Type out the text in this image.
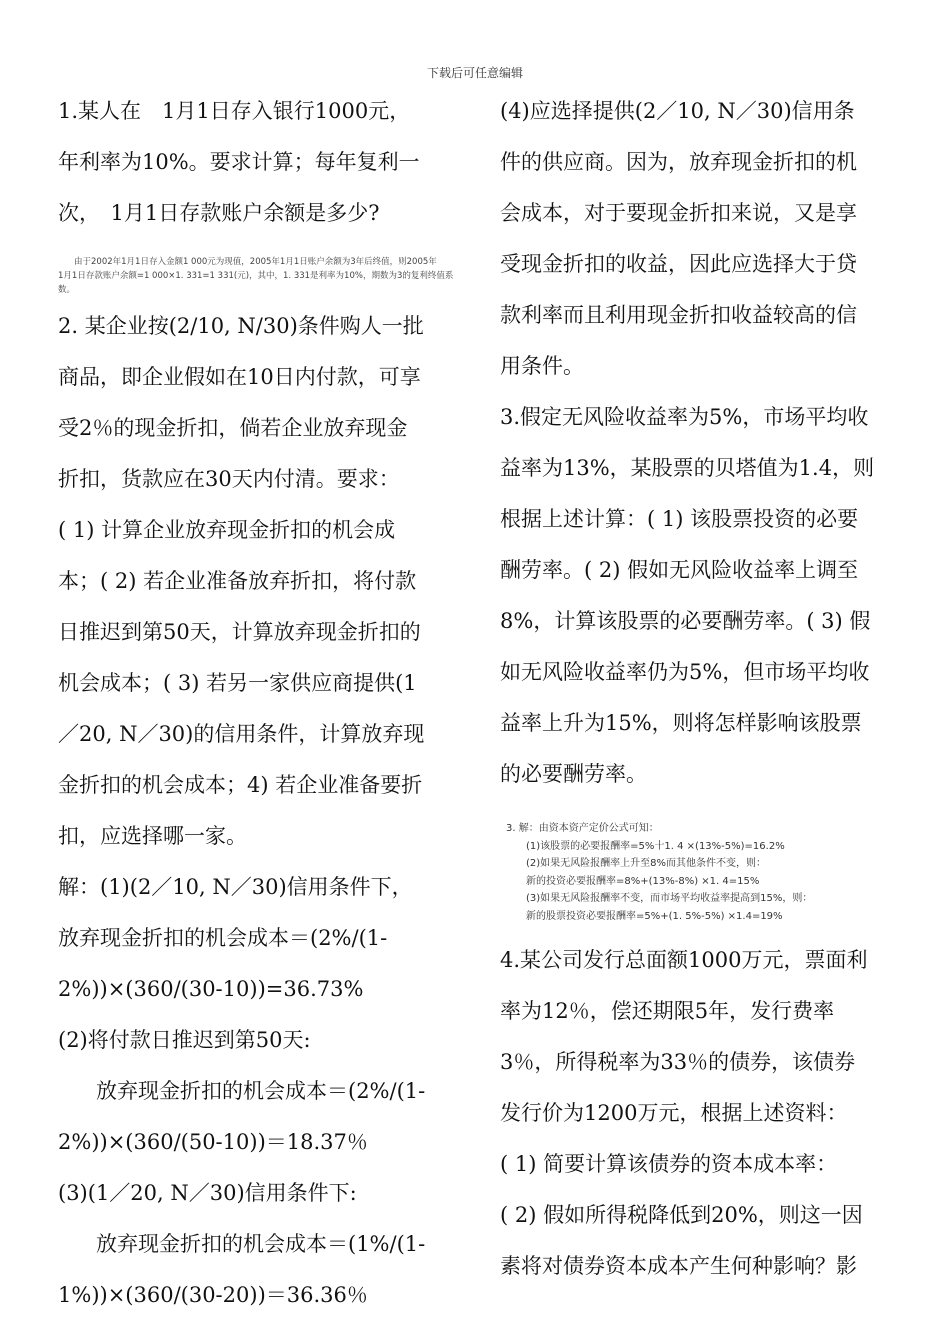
下载后可任意编辑

1.某人在　1月1日存入银行1000元，

年利率为10%。要求计算；每年复利一

次，　1月1日存款账户余额是多少?

由于2002年1月1日存入金额1 000元为现值，2005年1月1日账户余额为3年后终值，则2005年
1月1日存款账户余额=1 000×1. 331=1 331(元)，其中，1. 331是利率为10%，期数为3的复利终值系
数。

2. 某企业按(2/10, N/30)条件购人一批

商品，即企业假如在10日内付款，可享

受2％的现金折扣，倘若企业放弃现金

折扣，货款应在30天内付清。要求：

( 1) 计算企业放弃现金折扣的机会成

本；( 2) 若企业准备放弃折扣，将付款

日推迟到第50天，计算放弃现金折扣的

机会成本；( 3) 若另一家供应商提供(1

／20, N／30)的信用条件，计算放弃现

金折扣的机会成本；4) 若企业准备要折

扣，应选择哪一家。

解：(1)(2／10, N／30)信用条件下，

放弃现金折扣的机会成本＝(2%/(1-

2%))×(360/(30-10))=36.73%

(2)将付款日推迟到第50天:

放弃现金折扣的机会成本＝(2%/(1-

2%))×(360/(50-10))＝18.37％

(3)(1／20, N／30)信用条件下:

放弃现金折扣的机会成本＝(1%/(1-

1%))×(360/(30-20))＝36.36％

(4)应选择提供(2／10, N／30)信用条

件的供应商。因为，放弃现金折扣的机

会成本，对于要现金折扣来说，又是享

受现金折扣的收益，因此应选择大于贷

款利率而且利用现金折扣收益较高的信

用条件。

3.假定无风险收益率为5%，市场平均收

益率为13%，某股票的贝塔值为1.4，则

根据上述计算：( 1) 该股票投资的必要

酬劳率。( 2) 假如无风险收益率上调至

8%，计算该股票的必要酬劳率。( 3) 假

如无风险收益率仍为5%，但市场平均收

益率上升为15%，则将怎样影响该股票

的必要酬劳率。

3. 解：由资本资产定价公式可知：
(1)该股票的必要报酬率=5%十1. 4 ×(13%-5%)=16.2%
(2)如果无风险报酬率上升至8%而其他条件不变，则：
新的投资必要报酬率=8%+(13%-8%) ×1. 4=15%
(3)如果无风险报酬率不变，而市场平均收益率提高到15%，则：
新的股票投资必要报酬率=5%+(1. 5%-5%) ×1.4=19%

4.某公司发行总面额1000万元，票面利

率为12％，偿还期限5年，发行费率

3％，所得税率为33％的债券，该债券

发行价为1200万元，根据上述资料：

( 1) 简要计算该债券的资本成本率：

( 2) 假如所得税降低到20%，则这一因

素将对债券资本成本产生何种影响？影
